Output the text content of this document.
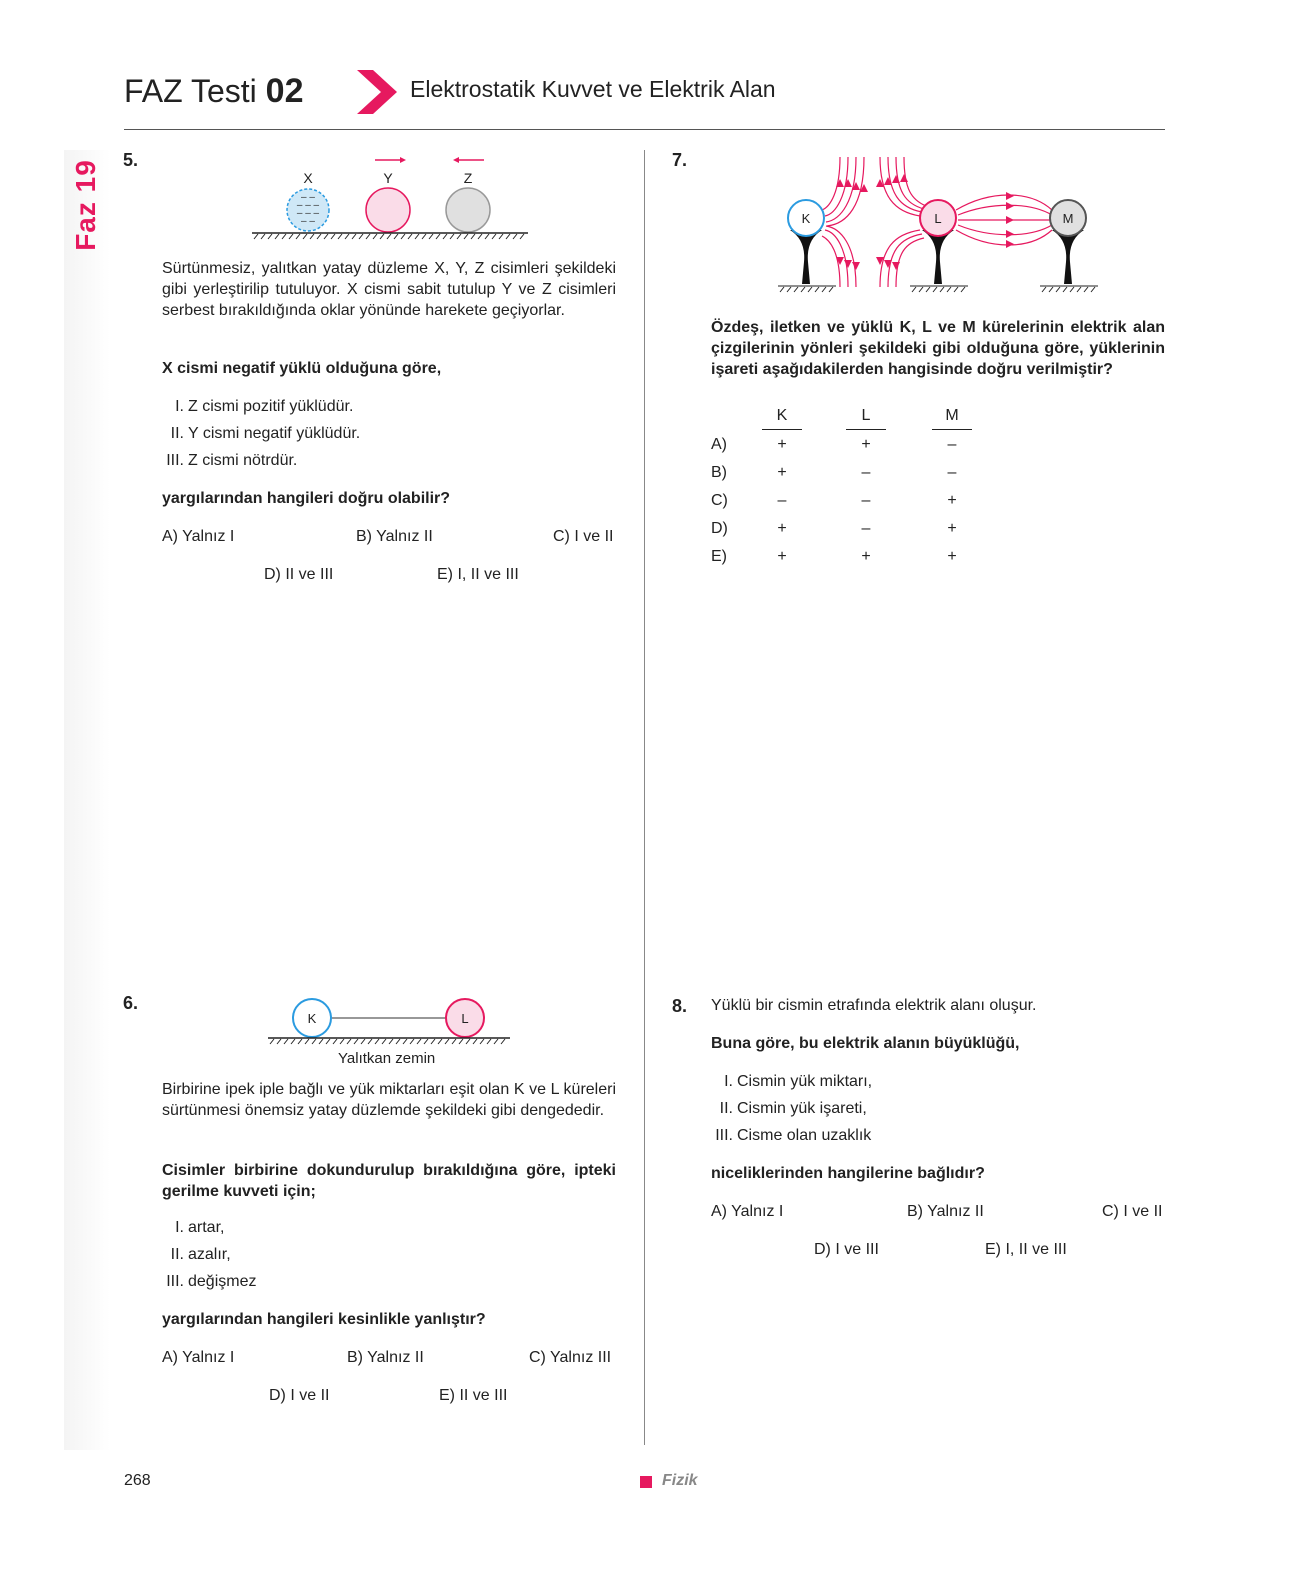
Faz 19
FAZ Testi 02	Elektrostatik Kuvvet ve Elektrik Alan
5.
X	Y	Z
– –
– – –
– – –
– –
Sürtünmesiz, yalıtkan yatay düzleme X, Y, Z cisimleri şekildeki gibi yerleştirilip tutuluyor. X cismi sabit tutulup Y ve Z cisimleri serbest bırakıldığında oklar yönünde harekete geçiyorlar.
X cismi negatif yüklü olduğuna göre,
I. Z cismi pozitif yüklüdür.
II. Y cismi negatif yüklüdür.
III. Z cismi nötrdür.
yargılarından hangileri doğru olabilir?
A) Yalnız I	B) Yalnız II	C) I ve II
D) II ve III	E) I, II ve III
6.
K	L
Yalıtkan zemin
Birbirine ipek iple bağlı ve yük miktarları eşit olan K ve L küreleri sürtünmesi önemsiz yatay düzlemde şekildeki gibi dengededir.
Cisimler birbirine dokundurulup bırakıldığına göre, ipteki gerilme kuvveti için;
I. artar,
II. azalır,
III. değişmez
yargılarından hangileri kesinlikle yanlıştır?
A) Yalnız I	B) Yalnız II	C) Yalnız III
D) I ve II	E) II ve III
7.
K	L	M
Özdeş, iletken ve yüklü K, L ve M kürelerinin elektrik alan çizgilerinin yönleri şekildeki gibi olduğuna göre, yüklerinin işareti aşağıdakilerden hangisinde doğru verilmiştir?
K	L	M
A)	+	+	–
B)	+	–	–
C)	–	–	+
D)	+	–	+
E)	+	+	+
8. Yüklü bir cismin etrafında elektrik alanı oluşur.
Buna göre, bu elektrik alanın büyüklüğü,
I. Cismin yük miktarı,
II. Cismin yük işareti,
III. Cisme olan uzaklık
niceliklerinden hangilerine bağlıdır?
A) Yalnız I	B) Yalnız II	C) I ve II
D) I ve III	E) I, II ve III
268	Fizik
